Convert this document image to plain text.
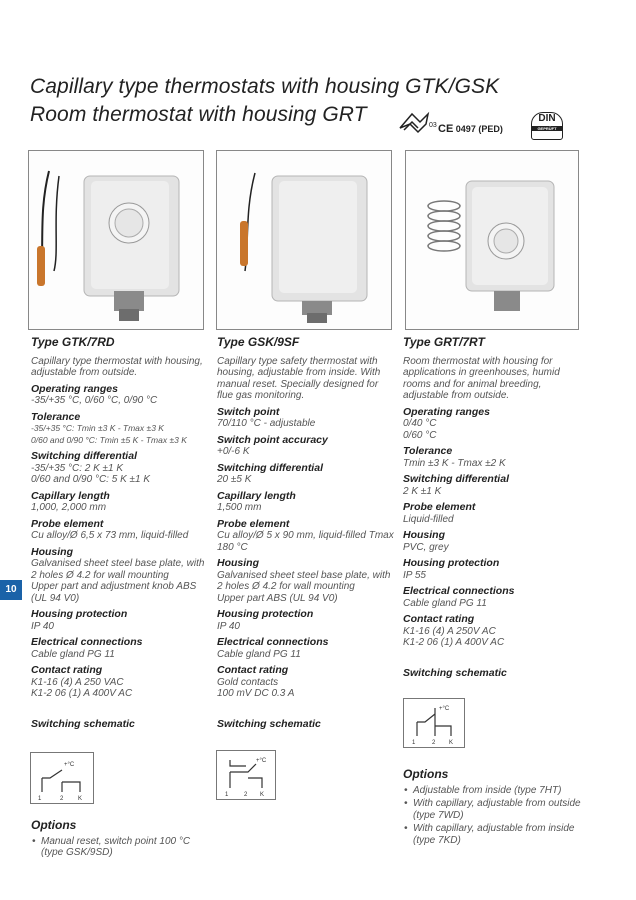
Capillary type thermostats with housing GTK/GSK
Room thermostat with housing GRT	03 CE 0497 (PED)
DIN
GEPRÜFT
10
Type GTK/7RD
Capillary type thermostat with housing, adjustable from outside.
Operating ranges
-35/+35 °C, 0/60 °C, 0/90 °C
Tolerance
-35/+35 °C: Tmin ±3 K - Tmax ±3 K
0/60 and 0/90 °C: Tmin ±5 K - Tmax ±3 K
Switching differential
-35/+35 °C: 2 K ±1 K
0/60 and 0/90 °C: 5 K ±1 K
Capillary length
1,000, 2,000 mm
Probe element
Cu alloy/Ø 6,5 x 73 mm, liquid-filled
Housing
Galvanised sheet steel base plate, with 2 holes Ø 4.2 for wall mounting
Upper part and adjustment knob ABS (UL 94 V0)
Housing protection
IP 40
Electrical connections
Cable gland PG 11
Contact rating
K1-16 (4) A 250 VAC
K1-2 06 (1) A 400V AC
Switching schematic
+°C
1	2 K
Options
• Manual reset, switch point 100 °C (type GSK/9SD)
Type GSK/9SF
Capillary type safety thermostat with housing, adjustable from inside. With manual reset. Specially designed for flue gas monitoring.
Switch point
70/110 °C - adjustable
Switch point accuracy
+0/-6 K
Switching differential
20 ±5 K
Capillary length
1,500 mm
Probe element
Cu alloy/Ø 5 x 90 mm, liquid-filled Tmax 180 °C
Housing
Galvanised sheet steel base plate, with 2 holes Ø 4.2 for wall mounting
Upper part ABS (UL 94 V0)
Housing protection
IP 40
Electrical connections
Cable gland PG 11
Contact rating
Gold contacts
100 mV DC 0.3 A
Switching schematic
+°C
1	2 K
Type GRT/7RT
Room thermostat with housing for applications in greenhouses, humid rooms and for animal breeding, adjustable from outside.
Operating ranges
0/40 °C
0/60 °C
Tolerance
Tmin ±3 K - Tmax ±2 K
Switching differential
2 K ±1 K
Probe element
Liquid-filled
Housing
PVC, grey
Housing protection
IP 55
Electrical connections
Cable gland PG 11
Contact rating
K1-16 (4) A 250V AC
K1-2 06 (1) A 400V AC
Switching schematic
+°C
1	2 K
Options
• Adjustable from inside (type 7HT)
• With capillary, adjustable from outside (type 7WD)
• With capillary, adjustable from inside (type 7KD)
